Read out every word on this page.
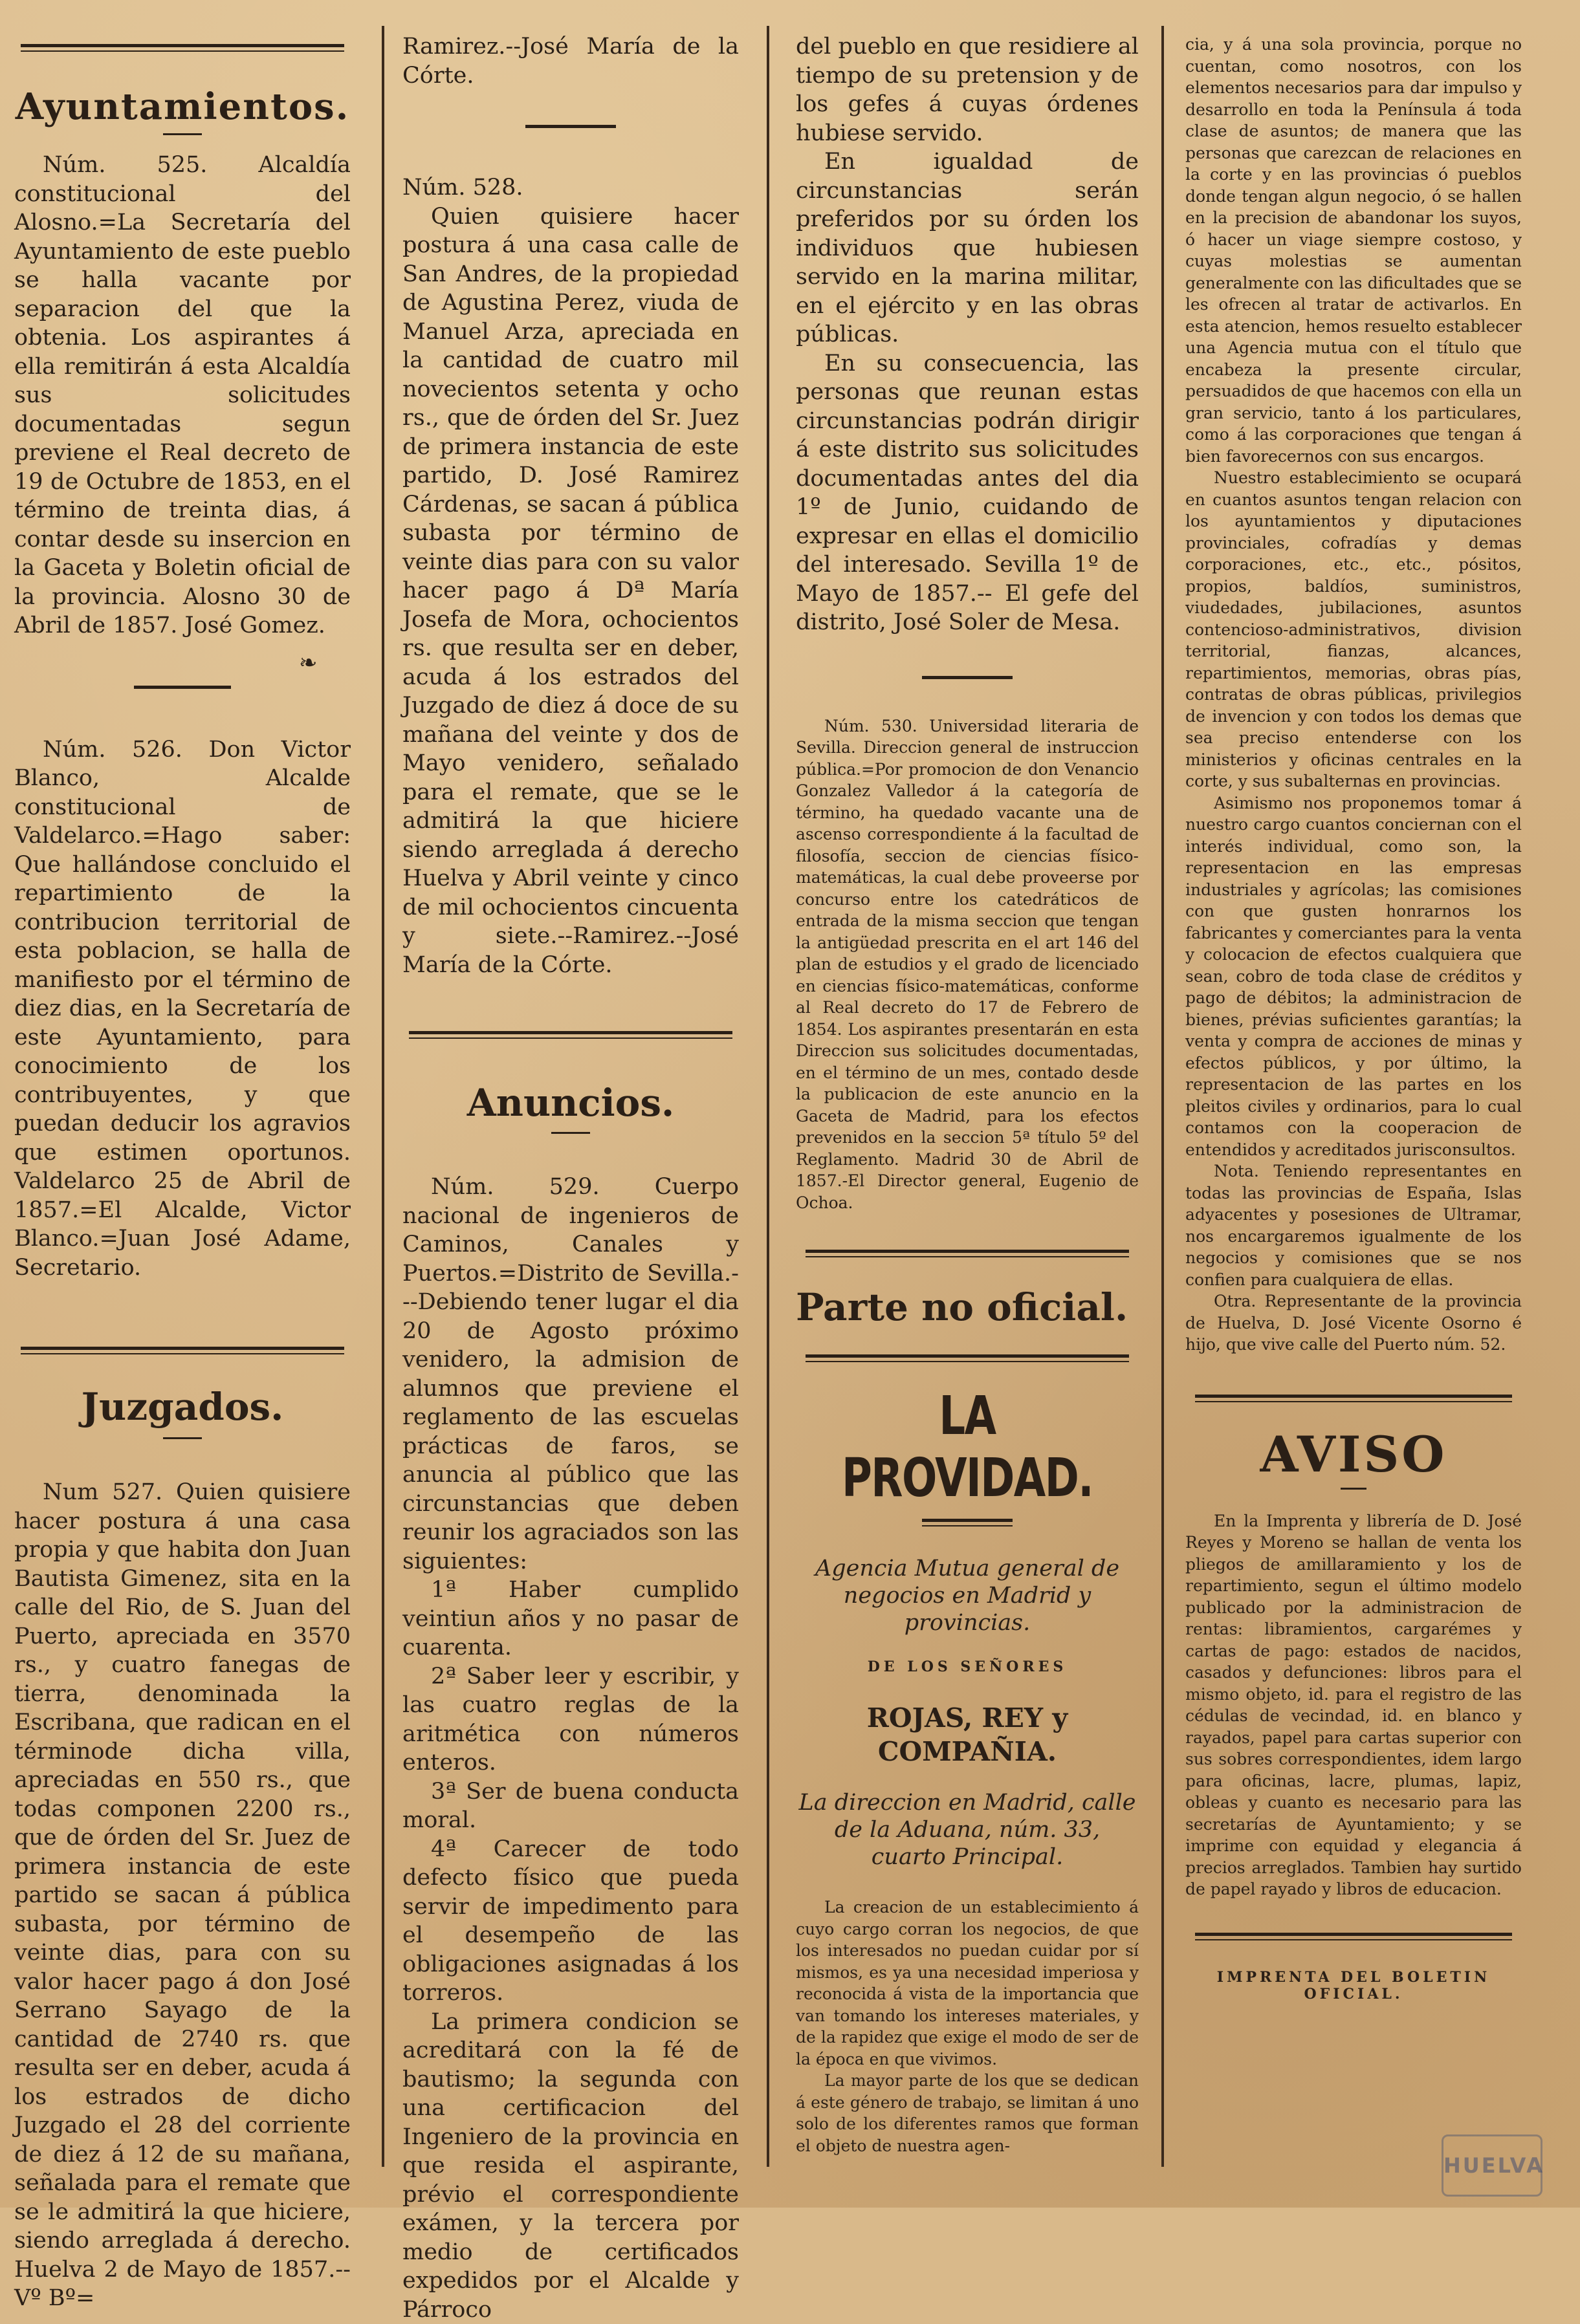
Ayuntamientos.

Núm. 525. Alcaldía constitucional del Alosno.=La Secretaría del Ayuntamiento de este pueblo se halla vacante por separacion del que la obtenia. Los aspirantes á ella remitirán á esta Alcaldía sus solicitudes documentadas segun previene el Real decreto de 19 de Octubre de 1853, en el término de treinta dias, á contar desde su insercion en la Gaceta y Boletin oficial de la provincia. Alosno 30 de Abril de 1857. José Gomez.

❧

Núm. 526. Don Victor Blanco, Alcalde constitucional de Valdelarco.=Hago saber: Que hallándose concluido el repartimiento de la contribucion territorial de esta poblacion, se halla de manifiesto por el término de diez dias, en la Secretaría de este Ayuntamiento, para conocimiento de los contribuyentes, y que puedan deducir los agravios que estimen oportunos. Valdelarco 25 de Abril de 1857.=El Alcalde, Victor Blanco.=Juan José Adame, Secretario.

Juzgados.

Num 527. Quien quisiere hacer postura á una casa propia y que habita don Juan Bautista Gimenez, sita en la calle del Rio, de S. Juan del Puerto, apreciada en 3570 rs., y cuatro fanegas de tierra, denominada la Escribana, que radican en el términode dicha villa, apreciadas en 550 rs., que todas componen 2200 rs., que de órden del Sr. Juez de primera instancia de este partido se sacan á pública subasta, por término de veinte dias, para con su valor hacer pago á don José Serrano Sayago de la cantidad de 2740 rs. que resulta ser en deber, acuda á los estrados de dicho Juzgado el 28 del corriente de diez á 12 de su mañana, señalada para el remate que se le admitirá la que hiciere, siendo arreglada á derecho. Huelva 2 de Mayo de 1857.--Vº Bº=

Ramirez.--José María de la Córte.

Núm. 528.

Quien quisiere hacer postura á una casa calle de San Andres, de la propiedad de Agustina Perez, viuda de Manuel Arza, apreciada en la cantidad de cuatro mil novecientos setenta y ocho rs., que de órden del Sr. Juez de primera instancia de este partido, D. José Ramirez Cárdenas, se sacan á pública subasta por término de veinte dias para con su valor hacer pago á Dª María Josefa de Mora, ochocientos rs. que resulta ser en deber, acuda á los estrados del Juzgado de diez á doce de su mañana del veinte y dos de Mayo venidero, señalado para el remate, que se le admitirá la que hiciere siendo arreglada á derecho Huelva y Abril veinte y cinco de mil ochocientos cincuenta y siete.--Ramirez.--José María de la Córte.

Anuncios.

Núm. 529. Cuerpo nacional de ingenieros de Caminos, Canales y Puertos.=Distrito de Sevilla.---Debiendo tener lugar el dia 20 de Agosto próximo venidero, la admision de alumnos que previene el reglamento de las escuelas prácticas de faros, se anuncia al público que las circunstancias que deben reunir los agraciados son las siguientes:

1ª Haber cumplido veintiun años y no pasar de cuarenta.

2ª Saber leer y escribir, y las cuatro reglas de la aritmética con números enteros.

3ª Ser de buena conducta moral.

4ª Carecer de todo defecto físico que pueda servir de impedimento para el desempeño de las obligaciones asignadas á los torreros.

La primera condicion se acreditará con la fé de bautismo; la segunda con una certificacion del Ingeniero de la provincia en que resida el aspirante, prévio el correspondiente exámen, y la tercera por medio de certificados expedidos por el Alcalde y Párroco

del pueblo en que residiere al tiempo de su pretension y de los gefes á cuyas órdenes hubiese servido.

En igualdad de circunstancias serán preferidos por su órden los individuos que hubiesen servido en la marina militar, en el ejército y en las obras públicas.

En su consecuencia, las personas que reunan estas circunstancias podrán dirigir á este distrito sus solicitudes documentadas antes del dia 1º de Junio, cuidando de expresar en ellas el domicilio del interesado. Sevilla 1º de Mayo de 1857.-- El gefe del distrito, José Soler de Mesa.

Núm. 530. Universidad literaria de Sevilla. Direccion general de instruccion pública.=Por promocion de don Venancio Gonzalez Valledor á la categoría de término, ha quedado vacante una de ascenso correspondiente á la facultad de filosofía, seccion de ciencias físico-matemáticas, la cual debe proveerse por concurso entre los catedráticos de entrada de la misma seccion que tengan la antigüedad prescrita en el art 146 del plan de estudios y el grado de licenciado en ciencias físico-matemáticas, conforme al Real decreto do 17 de Febrero de 1854. Los aspirantes presentarán en esta Direccion sus solicitudes documentadas, en el término de un mes, contado desde la publicacion de este anuncio en la Gaceta de Madrid, para los efectos prevenidos en la seccion 5ª título 5º del Reglamento. Madrid 30 de Abril de 1857.-El Director general, Eugenio de Ochoa.

Parte no oficial.
LA PROVIDAD.

Agencia Mutua general de negocios en Madrid y provincias.

DE LOS SEÑORES

ROJAS, REY y COMPAÑIA.

La direccion en Madrid, calle de la Aduana, núm. 33, cuarto Principal.

La creacion de un establecimiento á cuyo cargo corran los negocios, de que los interesados no puedan cuidar por sí mismos, es ya una necesidad imperiosa y reconocida á vista de la importancia que van tomando los intereses materiales, y de la rapidez que exige el modo de ser de la época en que vivimos.

La mayor parte de los que se dedican á este género de trabajo, se limitan á uno solo de los diferentes ramos que forman el objeto de nuestra agen-

cia, y á una sola provincia, porque no cuentan, como nosotros, con los elementos necesarios para dar impulso y desarrollo en toda la Península á toda clase de asuntos; de manera que las personas que carezcan de relaciones en la corte y en las provincias ó pueblos donde tengan algun negocio, ó se hallen en la precision de abandonar los suyos, ó hacer un viage siempre costoso, y cuyas molestias se aumentan generalmente con las dificultades que se les ofrecen al tratar de activarlos. En esta atencion, hemos resuelto establecer una Agencia mutua con el título que encabeza la presente circular, persuadidos de que hacemos con ella un gran servicio, tanto á los particulares, como á las corporaciones que tengan á bien favorecernos con sus encargos.

Nuestro establecimiento se ocupará en cuantos asuntos tengan relacion con los ayuntamientos y diputaciones provinciales, cofradías y demas corporaciones, etc., etc., pósitos, propios, baldíos, suministros, viudedades, jubilaciones, asuntos contencioso-administrativos, division territorial, fianzas, alcances, repartimientos, memorias, obras pías, contratas de obras públicas, privilegios de invencion y con todos los demas que sea preciso entenderse con los ministerios y oficinas centrales en la corte, y sus subalternas en provincias.

Asimismo nos proponemos tomar á nuestro cargo cuantos conciernan con el interés individual, como son, la representacion en las empresas industriales y agrícolas; las comisiones con que gusten honrarnos los fabricantes y comerciantes para la venta y colocacion de efectos cualquiera que sean, cobro de toda clase de créditos y pago de débitos; la administracion de bienes, prévias suficientes garantías; la venta y compra de acciones de minas y efectos públicos, y por último, la representacion de las partes en los pleitos civiles y ordinarios, para lo cual contamos con la cooperacion de entendidos y acreditados jurisconsultos.

Nota. Teniendo representantes en todas las provincias de España, Islas adyacentes y posesiones de Ultramar, nos encargaremos igualmente de los negocios y comisiones que se nos confien para cualquiera de ellas.

Otra. Representante de la provincia de Huelva, D. José Vicente Osorno é hijo, que vive calle del Puerto núm. 52.

AVISO

En la Imprenta y librería de D. José Reyes y Moreno se hallan de venta los pliegos de amillaramiento y los de repartimiento, segun el último modelo publicado por la administracion de rentas: libramientos, cargarémes y cartas de pago: estados de nacidos, casados y defunciones: libros para el mismo objeto, id. para el registro de las cédulas de vecindad, id. en blanco y rayados, papel para cartas superior con sus sobres correspondientes, idem largo para oficinas, lacre, plumas, lapiz, obleas y cuanto es necesario para las secretarías de Ayuntamiento; y se imprime con equidad y elegancia á precios arreglados. Tambien hay surtido de papel rayado y libros de educacion.

IMPRENTA DEL BOLETIN OFICIAL.

HUELVA
